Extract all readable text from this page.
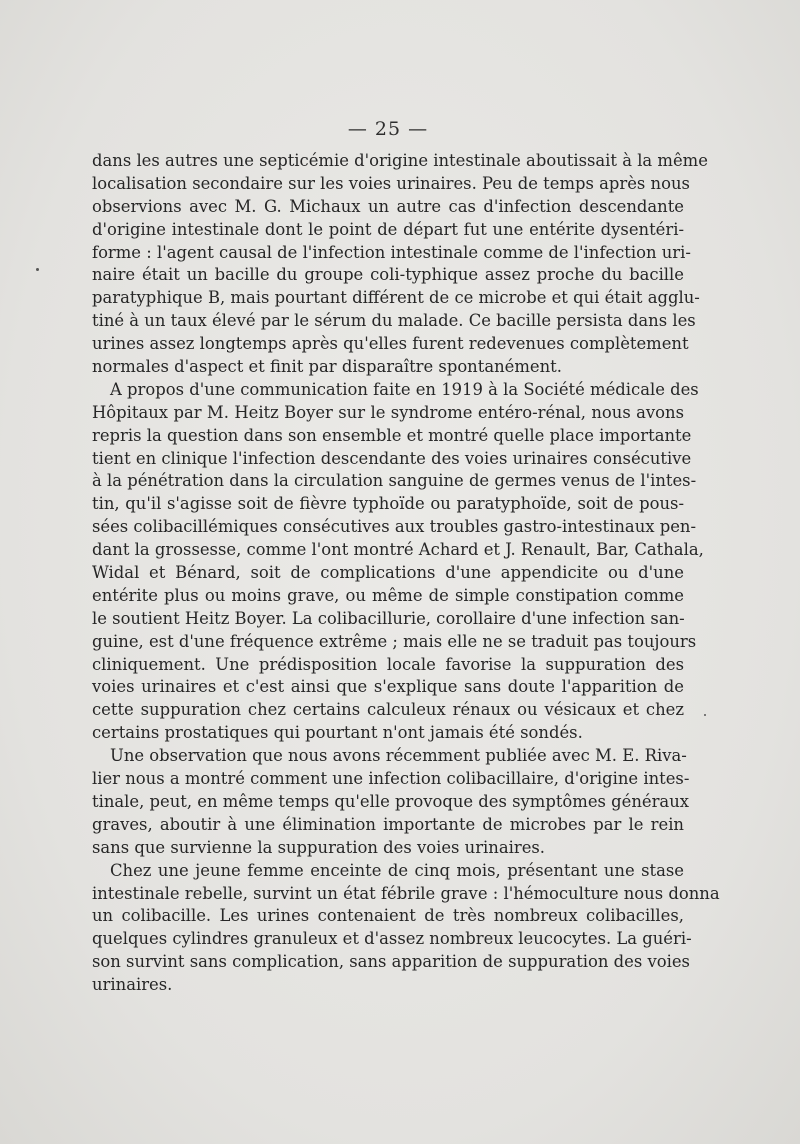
— 25 —
dans les autres une septicémie d'origine intestinale aboutissait à la même
localisation secondaire sur les voies urinaires. Peu de temps après nous
observions avec M. G. Michaux un autre cas d'infection descendante
d'origine intestinale dont le point de départ fut une entérite dysentéri-
forme : l'agent causal de l'infection intestinale comme de l'infection uri-
naire était un bacille du groupe coli-typhique assez proche du bacille
paratyphique B, mais pourtant différent de ce microbe et qui était agglu-
tiné à un taux élevé par le sérum du malade. Ce bacille persista dans les
urines assez longtemps après qu'elles furent redevenues complètement
normales d'aspect et finit par disparaître spontanément.
A propos d'une communication faite en 1919 à la Société médicale des
Hôpitaux par M. Heitz Boyer sur le syndrome entéro-rénal, nous avons
repris la question dans son ensemble et montré quelle place importante
tient en clinique l'infection descendante des voies urinaires consécutive
à la pénétration dans la circulation sanguine de germes venus de l'intes-
tin, qu'il s'agisse soit de fièvre typhoïde ou paratyphoïde, soit de pous-
sées colibacillémiques consécutives aux troubles gastro-intestinaux pen-
dant la grossesse, comme l'ont montré Achard et J. Renault, Bar, Cathala,
Widal et Bénard, soit de complications d'une appendicite ou d'une
entérite plus ou moins grave, ou même de simple constipation comme
le soutient Heitz Boyer. La colibacillurie, corollaire d'une infection san-
guine, est d'une fréquence extrême ; mais elle ne se traduit pas toujours
cliniquement. Une prédisposition locale favorise la suppuration des
voies urinaires et c'est ainsi que s'explique sans doute l'apparition de
cette suppuration chez certains calculeux rénaux ou vésicaux et chez
certains prostatiques qui pourtant n'ont jamais été sondés.
Une observation que nous avons récemment publiée avec M. E. Riva-
lier nous a montré comment une infection colibacillaire, d'origine intes-
tinale, peut, en même temps qu'elle provoque des symptômes généraux
graves, aboutir à une élimination importante de microbes par le rein
sans que survienne la suppuration des voies urinaires.
Chez une jeune femme enceinte de cinq mois, présentant une stase
intestinale rebelle, survint un état fébrile grave : l'hémoculture nous donna
un colibacille. Les urines contenaient de très nombreux colibacilles,
quelques cylindres granuleux et d'assez nombreux leucocytes. La guéri-
son survint sans complication, sans apparition de suppuration des voies
urinaires.
